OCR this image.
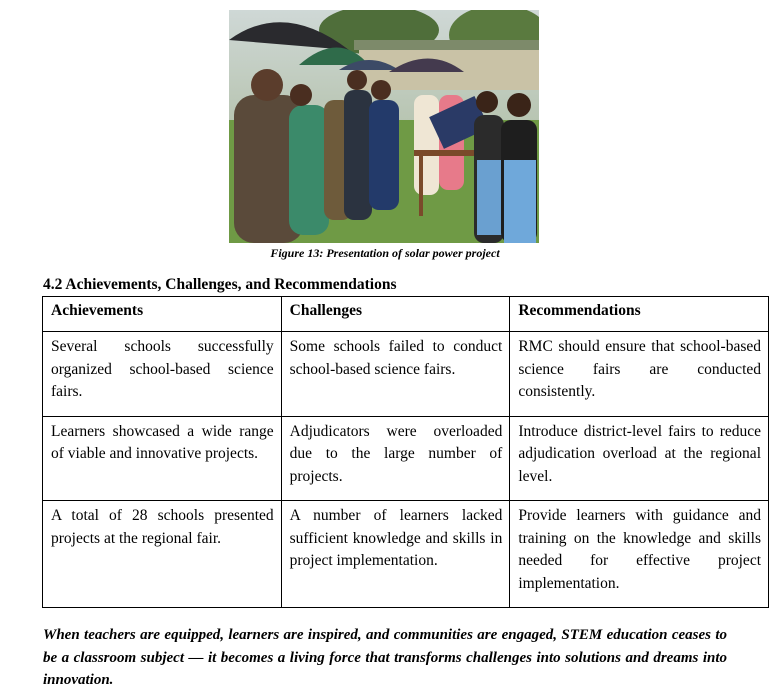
Figure 13: Presentation of solar power project
4.2 Achievements, Challenges, and Recommendations
Achievements	Challenges	Recommendations
Several schools successfully organized school-based science fairs.	Some schools failed to conduct school-based science fairs.	RMC should ensure that school-based science fairs are conducted consistently.
Learners showcased a wide range of viable and innovative projects.	Adjudicators were overloaded due to the large number of projects.	Introduce district-level fairs to reduce adjudication overload at the regional level.
A total of 28 schools presented projects at the regional fair.	A number of learners lacked sufficient knowledge and skills in project implementation.	Provide learners with guidance and training on the knowledge and skills needed for effective project implementation.
When teachers are equipped, learners are inspired, and communities are engaged, STEM education ceases to be a classroom subject — it becomes a living force that transforms challenges into solutions and dreams into innovation.
